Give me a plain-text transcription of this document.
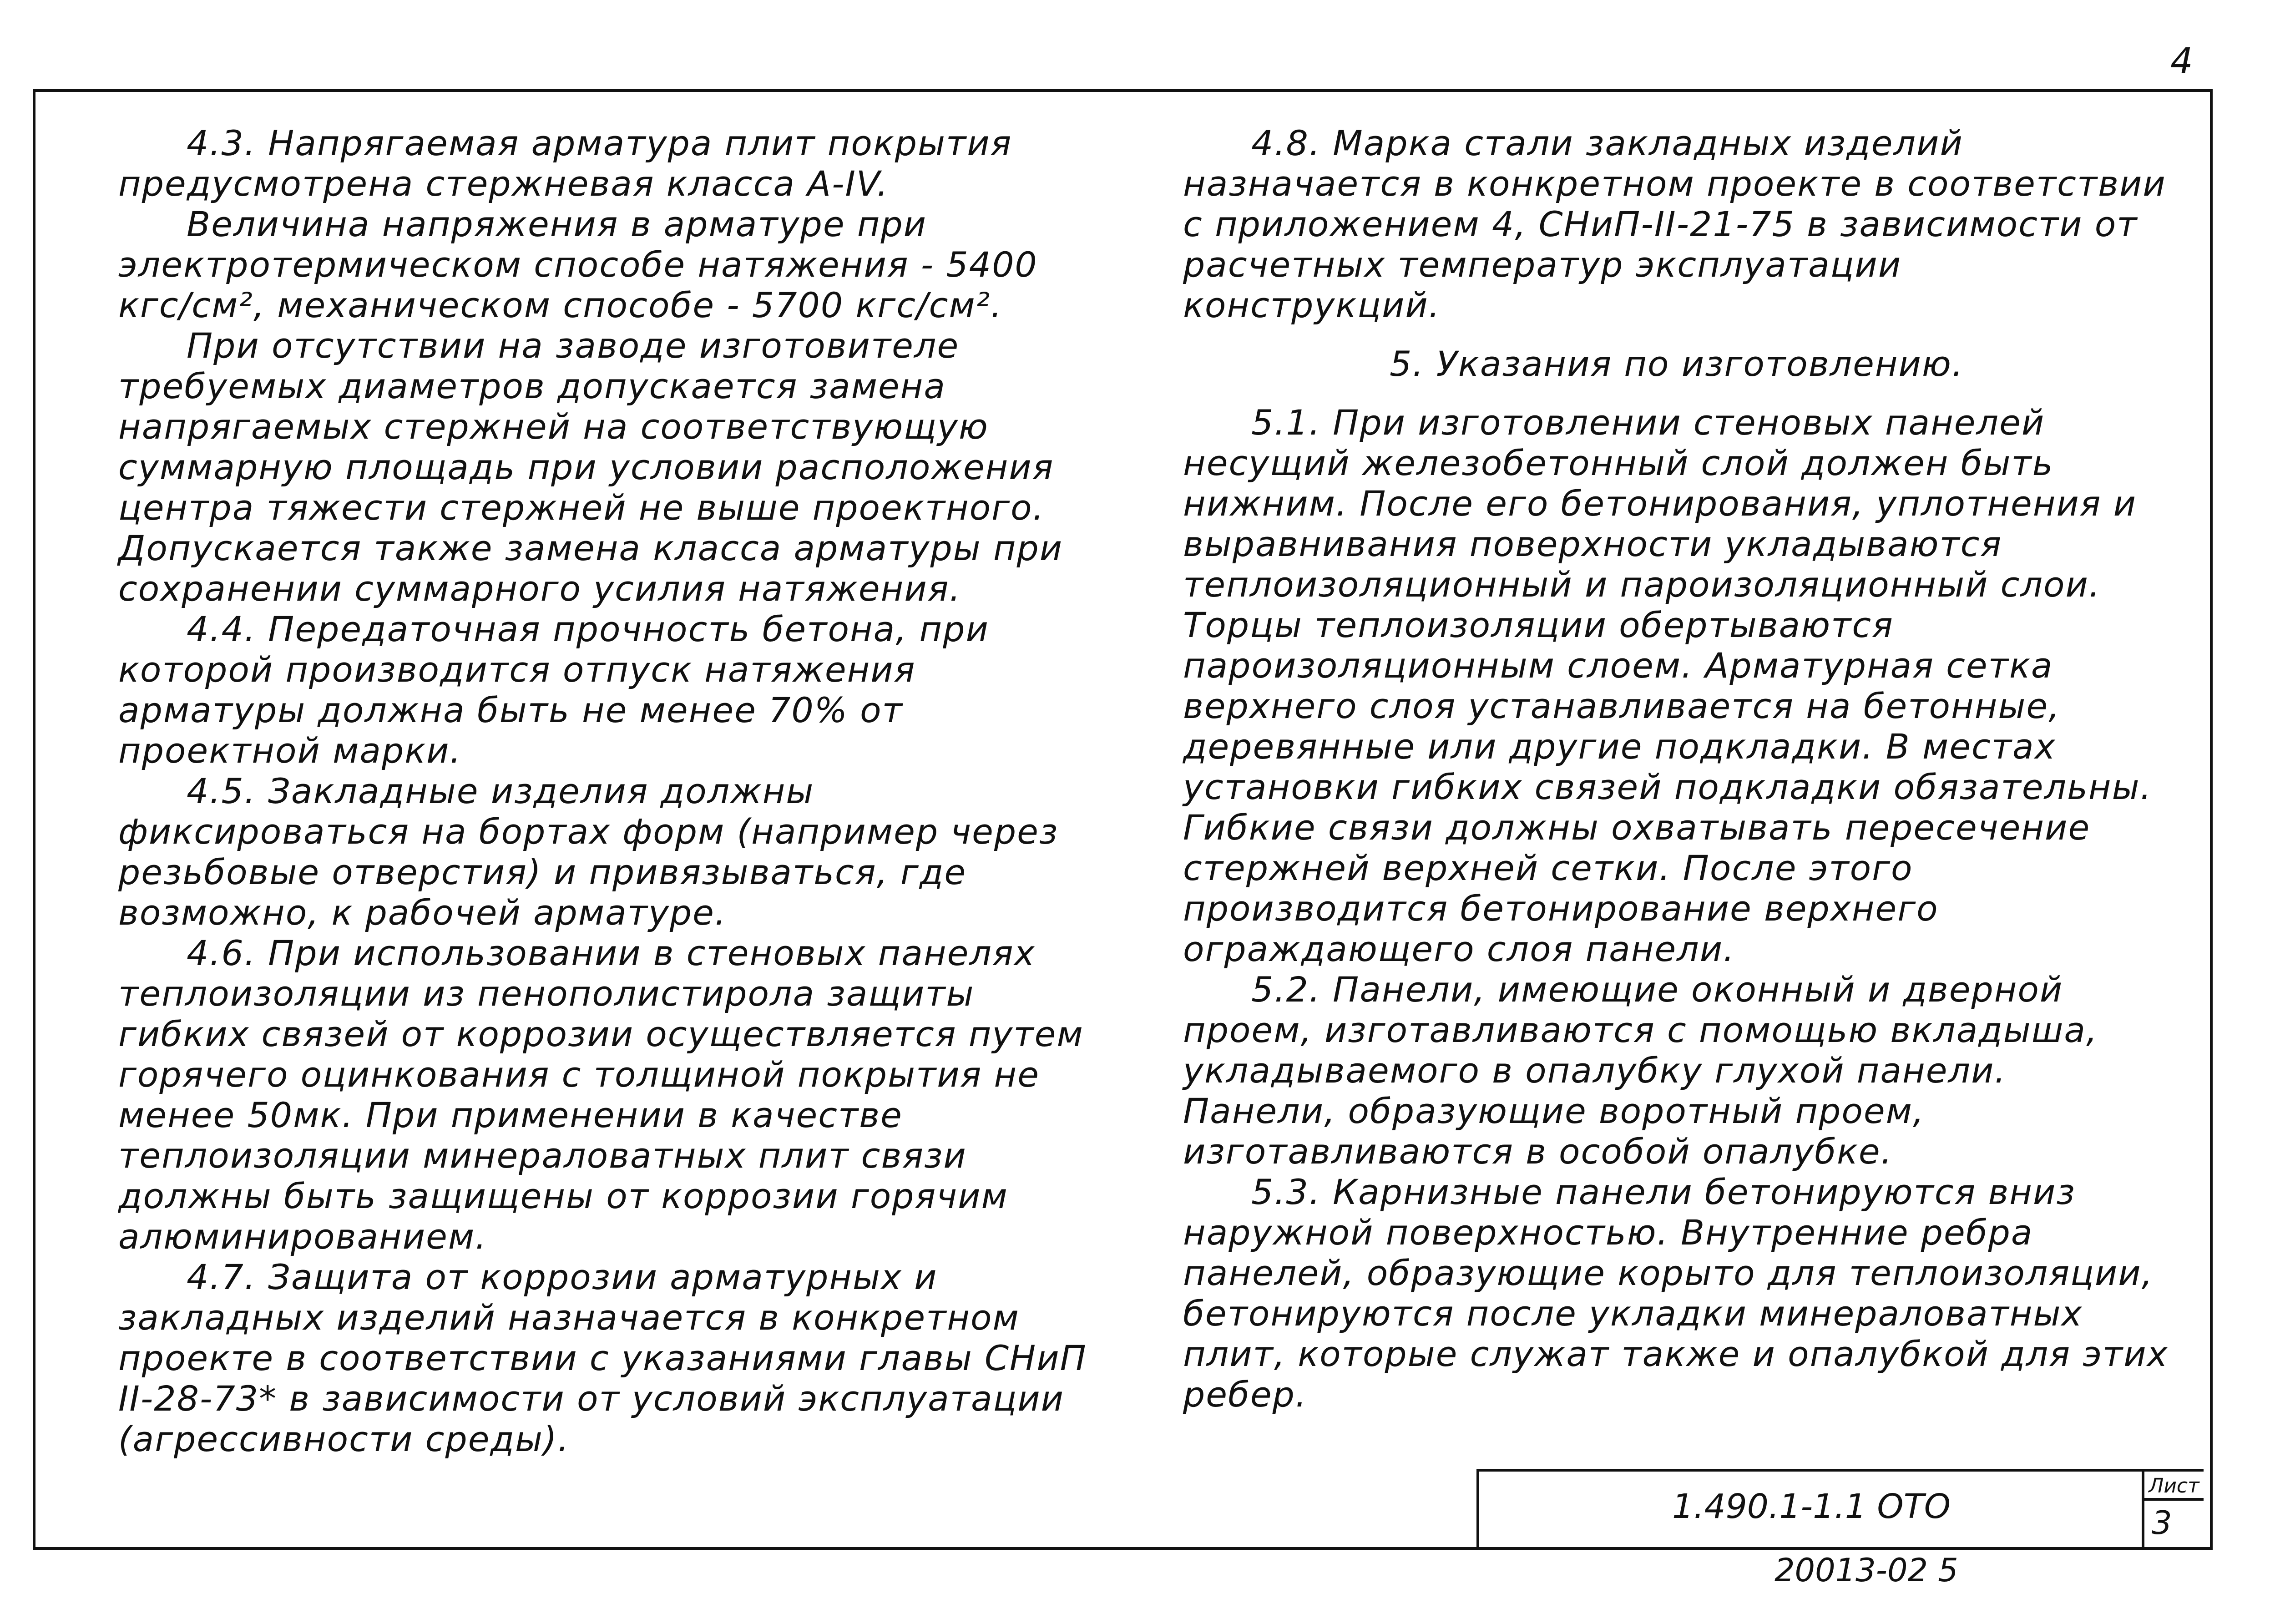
4

4.3. Напрягаемая арматура плит покрытия предусмотрена стержневая класса A-IV.

Величина напряжения в арматуре при электротермическом способе натяжения - 5400 кгс/см², механическом способе - 5700 кгс/см².

При отсутствии на заводе изготовителе требуемых диаметров допускается замена напрягаемых стержней на соответствующую суммарную площадь при условии расположения центра тяжести стержней не выше проектного. Допускается также замена класса арматуры при сохранении суммарного усилия натяжения.

4.4. Передаточная прочность бетона, при которой производится отпуск натяжения арматуры должна быть не менее 70% от проектной марки.

4.5. Закладные изделия должны фиксироваться на бортах форм (например через резьбовые отверстия) и привязываться, где возможно, к рабочей арматуре.

4.6. При использовании в стеновых панелях теплоизоляции из пенополистирола защиты гибких связей от коррозии осуществляется путем горячего оцинкования с толщиной покрытия не менее 50мк. При применении в качестве теплоизоляции минераловатных плит связи должны быть защищены от коррозии горячим алюминированием.

4.7. Защита от коррозии арматурных и закладных изделий назначается в конкретном проекте в соответствии с указаниями главы СНиП II-28-73* в зависимости от условий эксплуатации (агрессивности среды).

4.8. Марка стали закладных изделий назначается в конкретном проекте в соответствии с приложением 4, СНиП-II-21-75 в зависимости от расчетных температур эксплуатации конструкций.

5. Указания по изготовлению.

5.1. При изготовлении стеновых панелей несущий железобетонный слой должен быть нижним. После его бетонирования, уплотнения и выравнивания поверхности укладываются теплоизоляционный и пароизоляционный слои. Торцы теплоизоляции обертываются пароизоляционным слоем. Арматурная сетка верхнего слоя устанавливается на бетонные, деревянные или другие подкладки. В местах установки гибких связей подкладки обязательны. Гибкие связи должны охватывать пересечение стержней верхней сетки. После этого производится бетонирование верхнего ограждающего слоя панели.

5.2. Панели, имеющие оконный и дверной проем, изготавливаются с помощью вкладыша, укладываемого в опалубку глухой панели. Панели, образующие воротный проем, изготавливаются в особой опалубке.

5.3. Карнизные панели бетонируются вниз наружной поверхностью. Внутренние ребра панелей, образующие корыто для теплоизоляции, бетонируются после укладки минераловатных плит, которые служат также и опалубкой для этих ребер.

1.490.1-1.1 ОТО
Лист
3
20013-02 5
